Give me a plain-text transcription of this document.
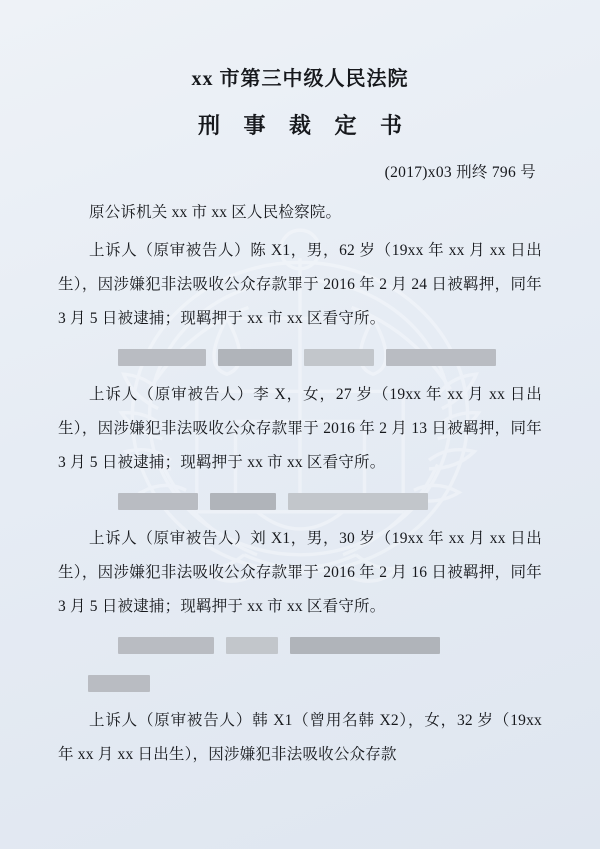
xx 市第三中级人民法院
刑 事 裁 定 书
(2017)x03 刑终 796 号

原公诉机关 xx 市 xx 区人民检察院。

上诉人（原审被告人）陈 X1，男，62 岁（19xx 年 xx 月 xx 日出生），因涉嫌犯非法吸收公众存款罪于 2016 年 2 月 24 日被羁押，同年 3 月 5 日被逮捕；现羁押于 xx 市 xx 区看守所。

上诉人（原审被告人）李 X，女，27 岁（19xx 年 xx 月 xx 日出生），因涉嫌犯非法吸收公众存款罪于 2016 年 2 月 13 日被羁押，同年 3 月 5 日被逮捕；现羁押于 xx 市 xx 区看守所。

上诉人（原审被告人）刘 X1，男，30 岁（19xx 年 xx 月 xx 日出生），因涉嫌犯非法吸收公众存款罪于 2016 年 2 月 16 日被羁押，同年 3 月 5 日被逮捕；现羁押于 xx 市 xx 区看守所。

上诉人（原审被告人）韩 X1（曾用名韩 X2），女，32 岁（19xx 年 xx 月 xx 日出生），因涉嫌犯非法吸收公众存款
